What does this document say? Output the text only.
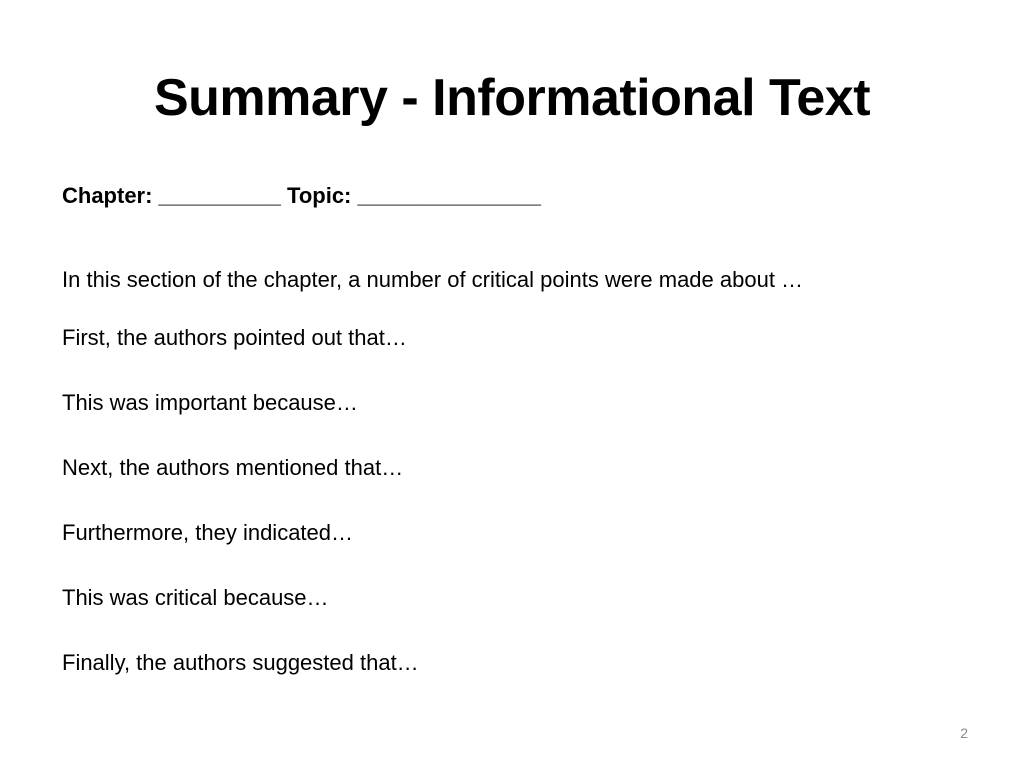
Summary - Informational Text

Chapter: __________ Topic: _______________

In this section of the chapter, a number of critical points were made about …

First, the authors pointed out that…

This was important because…

Next, the authors mentioned that…

Furthermore, they indicated…

This was critical because…

Finally, the authors suggested that…

2
